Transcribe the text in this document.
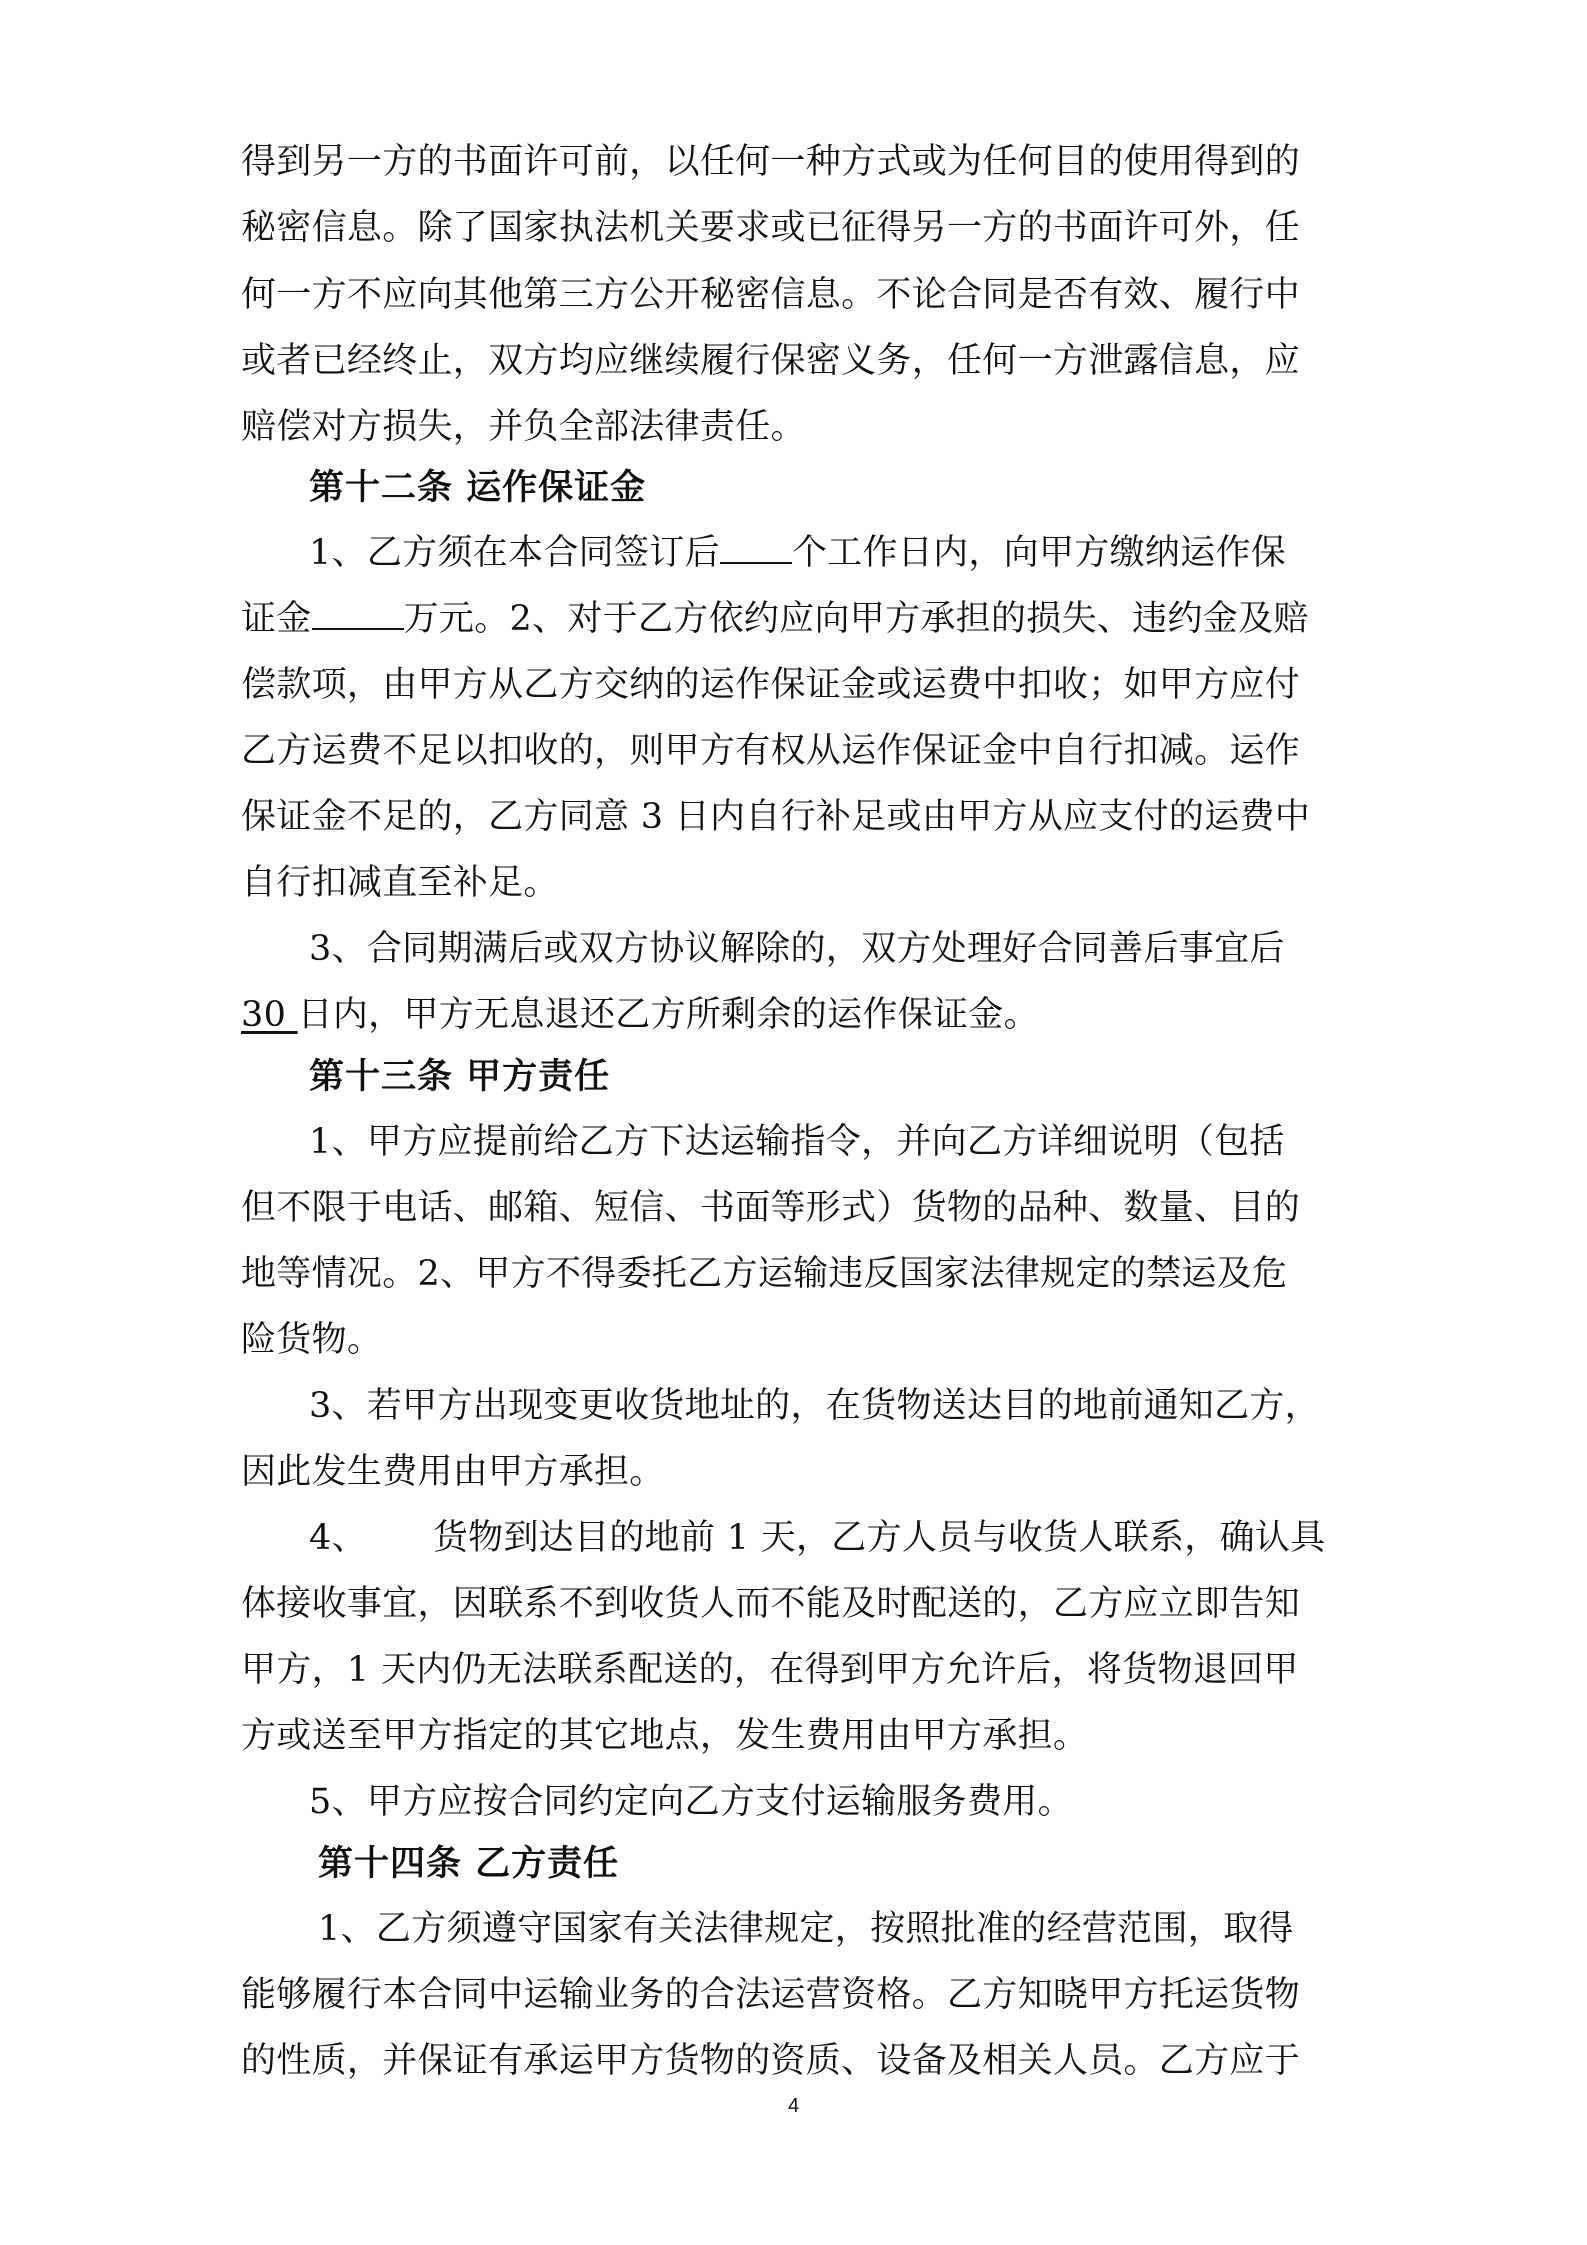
得到另一方的书面许可前，以任何一种方式或为任何目的使用得到的
秘密信息。除了国家执法机关要求或已征得另一方的书面许可外，任
何一方不应向其他第三方公开秘密信息。不论合同是否有效、履行中
或者已经终止，双方均应继续履行保密义务，任何一方泄露信息，应
赔偿对方损失，并负全部法律责任。
第十二条 运作保证金
1、乙方须在本合同签订后 个工作日内，向甲方缴纳运作保
证金	万元。2、对于乙方依约应向甲方承担的损失、违约金及赔
偿款项，由甲方从乙方交纳的运作保证金或运费中扣收；如甲方应付
乙方运费不足以扣收的，则甲方有权从运作保证金中自行扣减。运作
保证金不足的，乙方同意 3 日内自行补足或由甲方从应支付的运费中
自行扣减直至补足。
3、合同期满后或双方协议解除的，双方处理好合同善后事宜后
30 日内，甲方无息退还乙方所剩余的运作保证金。
第十三条 甲方责任
1、甲方应提前给乙方下达运输指令，并向乙方详细说明（包括
但不限于电话、邮箱、短信、书面等形式）货物的品种、数量、目的
地等情况。2、甲方不得委托乙方运输违反国家法律规定的禁运及危
险货物。
3、若甲方出现变更收货地址的，在货物送达目的地前通知乙方，
因此发生费用由甲方承担。
4、 货物到达目的地前 1 天，乙方人员与收货人联系，确认具
体接收事宜，因联系不到收货人而不能及时配送的，乙方应立即告知
甲方，1 天内仍无法联系配送的，在得到甲方允许后，将货物退回甲
方或送至甲方指定的其它地点，发生费用由甲方承担。
5、甲方应按合同约定向乙方支付运输服务费用。
第十四条 乙方责任
1、乙方须遵守国家有关法律规定，按照批准的经营范围，取得
能够履行本合同中运输业务的合法运营资格。乙方知晓甲方托运货物
的性质，并保证有承运甲方货物的资质、设备及相关人员。乙方应于
4
